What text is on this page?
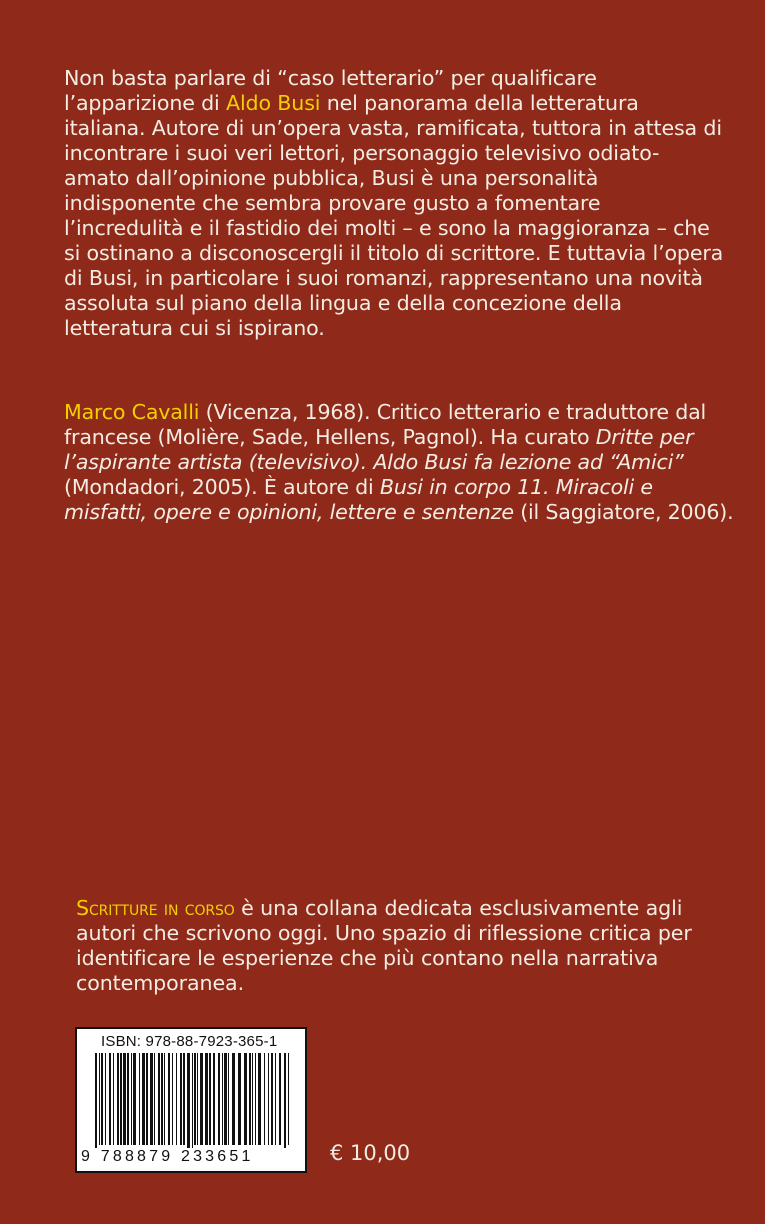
Non basta parlare di “caso letterario” per qualificare l’apparizione di Aldo Busi nel panorama della letteratura italiana. Autore di un’opera vasta, ramificata, tuttora in attesa di incontrare i suoi veri lettori, personaggio televisivo odiato-amato dall’opinione pubblica, Busi è una personalità indisponente che sembra provare gusto a fomentare l’incredulità e il fastidio dei molti – e sono la maggioranza – che si ostinano a disconoscergli il titolo di scrittore. E tuttavia l’opera di Busi, in particolare i suoi romanzi, rappresentano una novità assoluta sul piano della lingua e della concezione della letteratura cui si ispirano.

Marco Cavalli (Vicenza, 1968). Critico letterario e traduttore dal francese (Molière, Sade, Hellens, Pagnol). Ha curato Dritte per l’aspirante artista (televisivo). Aldo Busi fa lezione ad “Amici” (Mondadori, 2005). È autore di Busi in corpo 11. Miracoli e misfatti, opere e opinioni, lettere e sentenze (il Saggiatore, 2006).

Scritture in corso è una collana dedicata esclusivamente agli autori che scrivono oggi. Uno spazio di riflessione critica per identificare le esperienze che più contano nella narrativa contemporanea.

ISBN: 978-88-7923-365-1
9 788879 233651	€ 10,00
